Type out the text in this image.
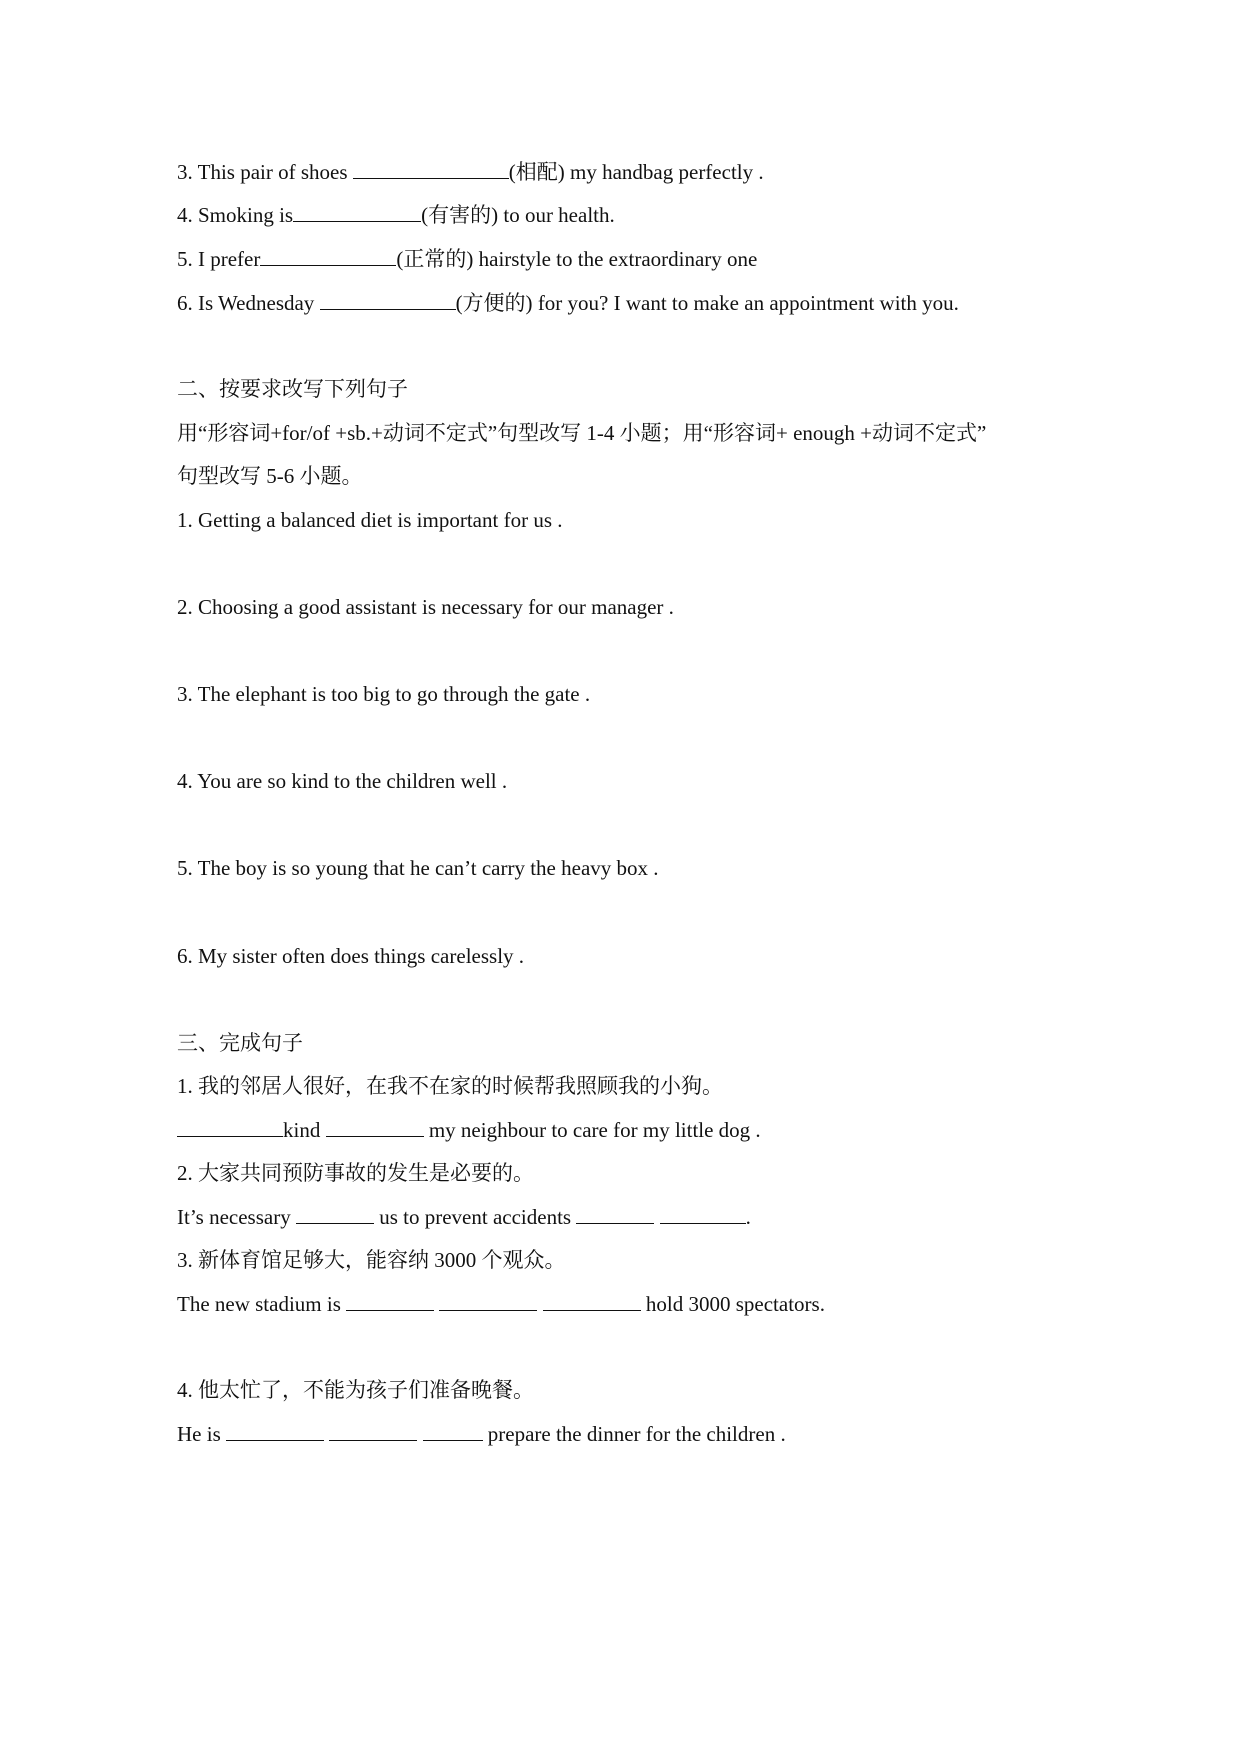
3. This pair of shoes	(相配) my handbag perfectly .
4. Smoking is	(有害的) to our health.
5. I prefer	(正常的) hairstyle to the extraordinary one
6. Is Wednesday	(方便的) for you? I want to make an appointment with you.
二、按要求改写下列句子
用“形容词+for/of +sb.+动词不定式”句型改写 1-4 小题；用“形容词+ enough +动词不定式”
句型改写 5-6 小题。
1. Getting a balanced diet is important for us .
2. Choosing a good assistant is necessary for our manager .
3. The elephant is too big to go through the gate .
4. You are so kind to the children well .
5. The boy is so young that he can’t carry the heavy box .
6. My sister often does things carelessly .
三、完成句子
1. 我的邻居人很好，在我不在家的时候帮我照顾我的小狗。
kind	my neighbour to care for my little dog .
2. 大家共同预防事故的发生是必要的。
It’s necessary	us to prevent accidents	.
3. 新体育馆足够大，能容纳 3000 个观众。
The new stadium is	hold 3000 spectators.
4. 他太忙了，不能为孩子们准备晚餐。
He is	prepare the dinner for the children .
